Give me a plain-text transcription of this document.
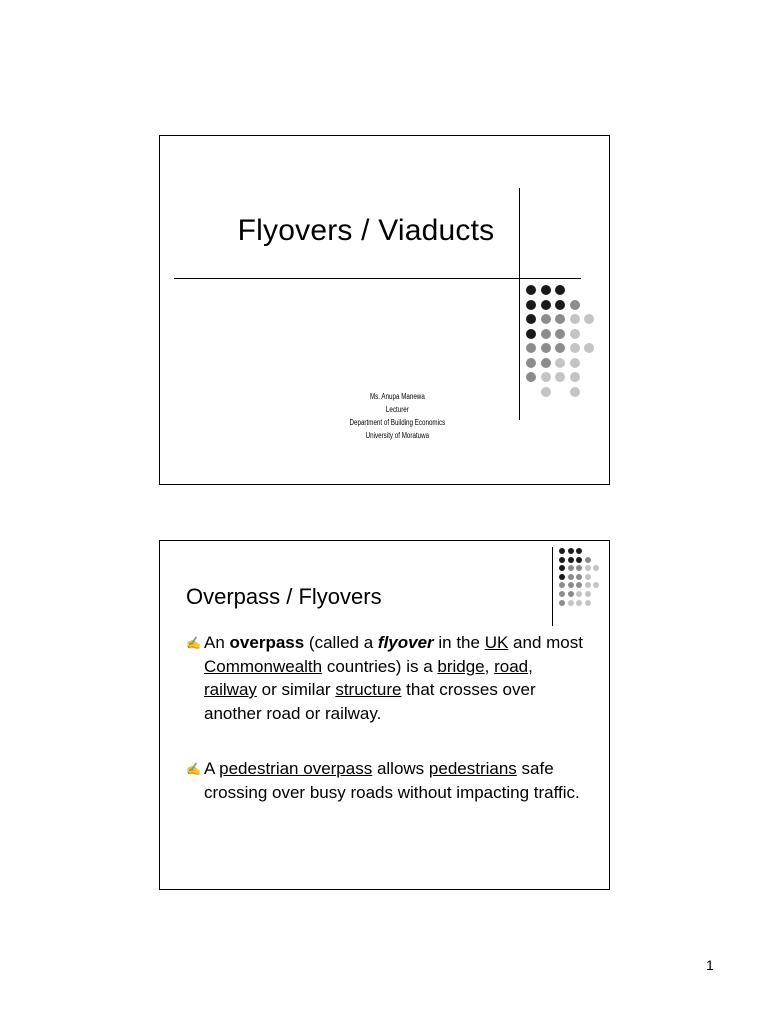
Flyovers / Viaducts
Ms. Anupa Manewa
Lecturer
Department of Building Economics
University of Moratuwa
Overpass / Flyovers
✍ An overpass (called a flyover in the UK and most Commonwealth countries) is a bridge, road, railway or similar structure that crosses over another road or railway.
✍ A pedestrian overpass allows pedestrians safe crossing over busy roads without impacting traffic.
1
